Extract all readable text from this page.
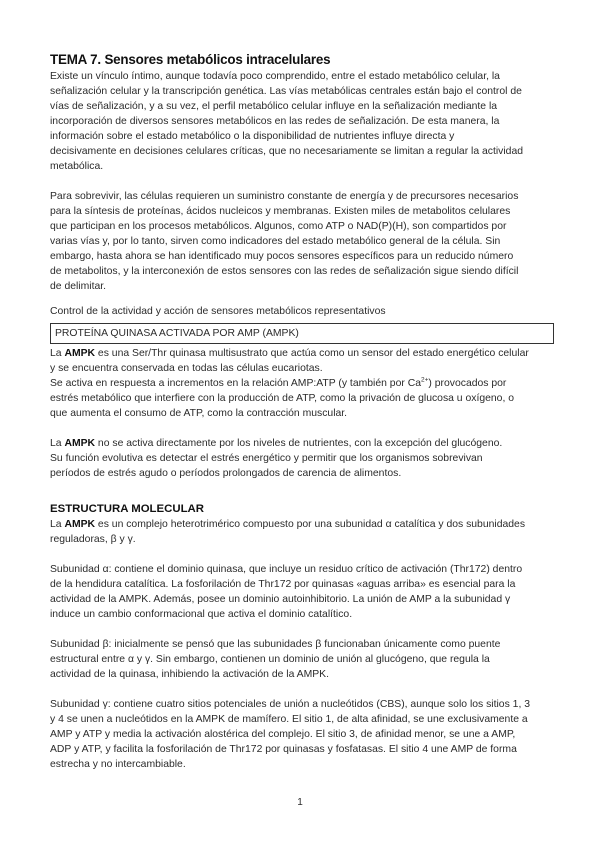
TEMA 7. Sensores metabólicos intracelulares
Existe un vínculo íntimo, aunque todavía poco comprendido, entre el estado metabólico celular, la
señalización celular y la transcripción genética. Las vías metabólicas centrales están bajo el control de
vías de señalización, y a su vez, el perfil metabólico celular influye en la señalización mediante la
incorporación de diversos sensores metabólicos en las redes de señalización. De esta manera, la
información sobre el estado metabólico o la disponibilidad de nutrientes influye directa y
decisivamente en decisiones celulares críticas, que no necesariamente se limitan a regular la actividad
metabólica.
Para sobrevivir, las células requieren un suministro constante de energía y de precursores necesarios
para la síntesis de proteínas, ácidos nucleicos y membranas. Existen miles de metabolitos celulares
que participan en los procesos metabólicos. Algunos, como ATP o NAD(P)(H), son compartidos por
varias vías y, por lo tanto, sirven como indicadores del estado metabólico general de la célula. Sin
embargo, hasta ahora se han identificado muy pocos sensores específicos para un reducido número
de metabolitos, y la interconexión de estos sensores con las redes de señalización sigue siendo difícil
de delimitar.
Control de la actividad y acción de sensores metabólicos representativos
PROTEÍNA QUINASA ACTIVADA POR AMP (AMPK)
La AMPK es una Ser/Thr quinasa multisustrato que actúa como un sensor del estado energético celular
y se encuentra conservada en todas las células eucariotas.
Se activa en respuesta a incrementos en la relación AMP:ATP (y también por $Ca^{2+}$) provocados por
estrés metabólico que interfiere con la producción de ATP, como la privación de glucosa u oxígeno, o
que aumenta el consumo de ATP, como la contracción muscular.
La AMPK no se activa directamente por los niveles de nutrientes, con la excepción del glucógeno.
Su función evolutiva es detectar el estrés energético y permitir que los organismos sobrevivan
períodos de estrés agudo o períodos prolongados de carencia de alimentos.
ESTRUCTURA MOLECULAR
La AMPK es un complejo heterotrimérico compuesto por una subunidad α catalítica y dos subunidades
reguladoras, β y γ.
Subunidad α: contiene el dominio quinasa, que incluye un residuo crítico de activación (Thr172) dentro
de la hendidura catalítica. La fosforilación de Thr172 por quinasas «aguas arriba» es esencial para la
actividad de la AMPK. Además, posee un dominio autoinhibitorio. La unión de AMP a la subunidad γ
induce un cambio conformacional que activa el dominio catalítico.
Subunidad β: inicialmente se pensó que las subunidades β funcionaban únicamente como puente
estructural entre α y γ. Sin embargo, contienen un dominio de unión al glucógeno, que regula la
actividad de la quinasa, inhibiendo la activación de la AMPK.
Subunidad γ: contiene cuatro sitios potenciales de unión a nucleótidos (CBS), aunque solo los sitios 1, 3
y 4 se unen a nucleótidos en la AMPK de mamífero. El sitio 1, de alta afinidad, se une exclusivamente a
AMP y ATP y media la activación alostérica del complejo. El sitio 3, de afinidad menor, se une a AMP,
ADP y ATP, y facilita la fosforilación de Thr172 por quinasas y fosfatasas. El sitio 4 une AMP de forma
estrecha y no intercambiable.
1
